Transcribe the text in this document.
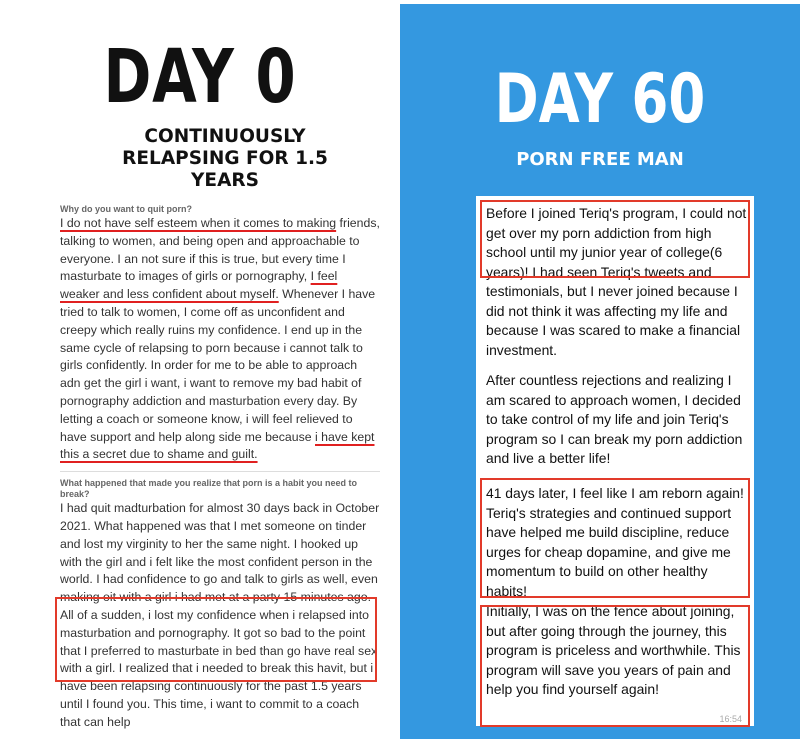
DAY 0
CONTINUOUSLY RELAPSING FOR 1.5 YEARS
Why do you want to quit porn?

I do not have self esteem when it comes to making friends, talking to women, and being open and approachable to everyone. I an not sure if this is true, but every time I masturbate to images of girls or pornography, I feel weaker and less confident about myself. Whenever I have tried to talk to women, I come off as unconfident and creepy which really ruins my confidence. I end up in the same cycle of relapsing to porn because i cannot talk to girls confidently. In order for me to be able to approach adn get the girl i want, i want to remove my bad habit of pornography addiction and masturbation every day. By letting a coach or someone know, i will feel relieved to have support and help along side me because i have kept this a secret due to shame and guilt.

What happened that made you realize that porn is a habit you need to break?

I had quit madturbation for almost 30 days back in October 2021. What happened was that I met someone on tinder and lost my virginity to her the same night. I hooked up with the girl and i felt like the most confident person in the world. I had confidence to go and talk to girls as well, even making oit with a girl i had met at a party 15 minutes ago. All of a sudden, i lost my confidence when i relapsed into masturbation and pornography. It got so bad to the point that I preferred to masturbate in bed than go have real sex with a girl. I realized that i needed to break this havit, but i have been relapsing continuously for the past 1.5 years until I found you. This time, i want to commit to a coach that can help

DAY 60
PORN FREE MAN

Before I joined Teriq's program, I could not get over my porn addiction from high school until my junior year of college(6 years)! I had seen Teriq's tweets and testimonials, but I never joined because I did not think it was affecting my life and because I was scared to make a financial investment.

After countless rejections and realizing I am scared to approach women, I decided to take control of my life and join Teriq's program so I can break my porn addiction and live a better life!

41 days later, I feel like I am reborn again! Teriq's strategies and continued support have helped me build discipline, reduce urges for cheap dopamine, and give me momentum to build on other healthy habits!

Initially, I was on the fence about joining, but after going through the journey, this program is priceless and worthwhile. This program will save you years of pain and help you find yourself again!

16:54
